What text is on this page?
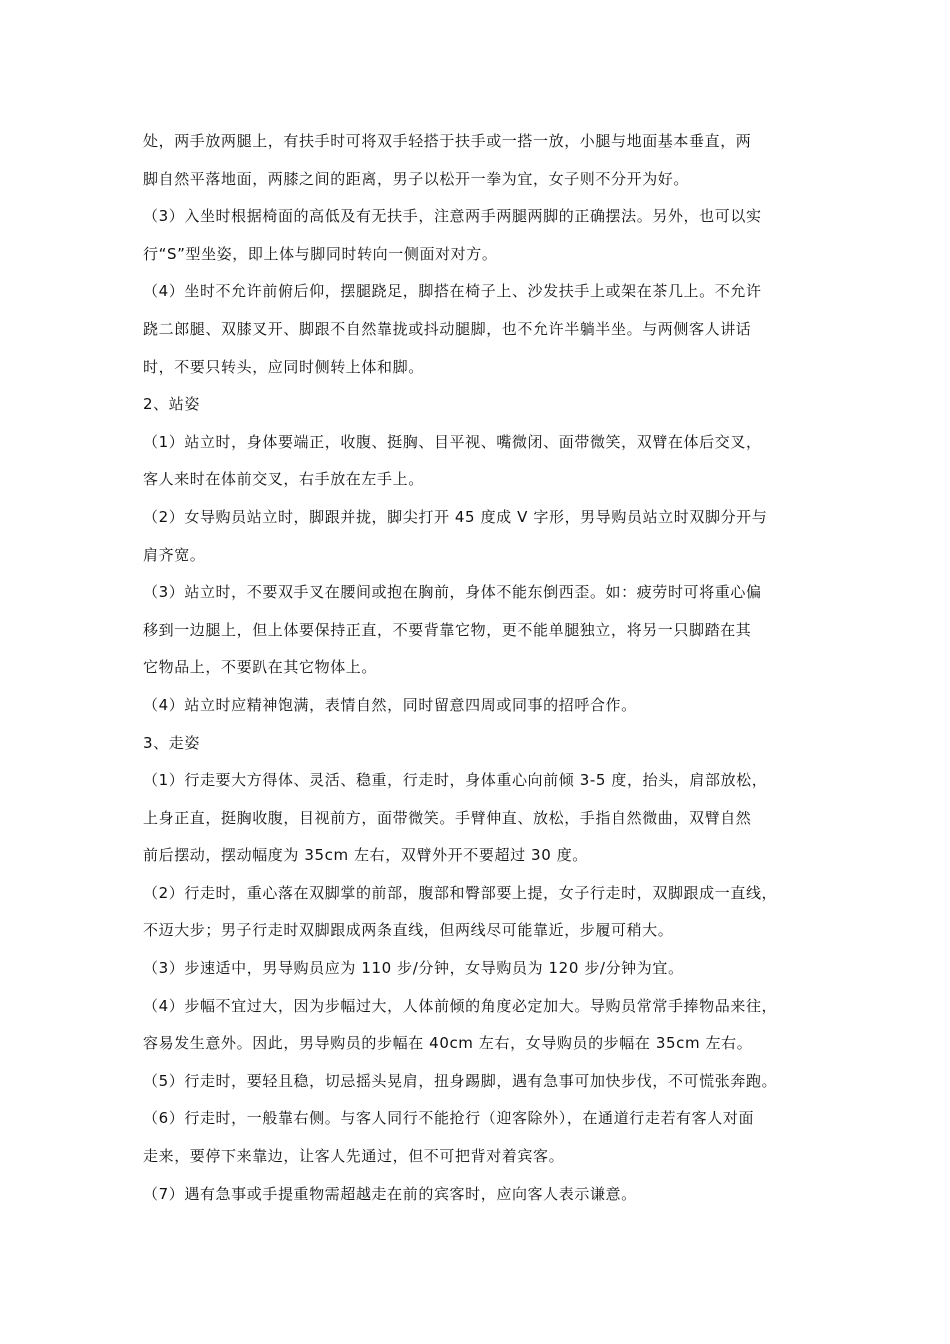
处，两手放两腿上，有扶手时可将双手轻搭于扶手或一搭一放，小腿与地面基本垂直，两
脚自然平落地面，两膝之间的距离，男子以松开一拳为宜，女子则不分开为好。
（3）入坐时根据椅面的高低及有无扶手，注意两手两腿两脚的正确摆法。另外，也可以实
行“S”型坐姿，即上体与脚同时转向一侧面对对方。
（4）坐时不允许前俯后仰，摆腿跷足，脚搭在椅子上、沙发扶手上或架在茶几上。不允许
跷二郎腿、双膝叉开、脚跟不自然靠拢或抖动腿脚，也不允许半躺半坐。与两侧客人讲话
时，不要只转头，应同时侧转上体和脚。
2、站姿
（1）站立时，身体要端正，收腹、挺胸、目平视、嘴微闭、面带微笑，双臂在体后交叉，
客人来时在体前交叉，右手放在左手上。
（2）女导购员站立时，脚跟并拢，脚尖打开 45 度成 V 字形，男导购员站立时双脚分开与
肩齐宽。
（3）站立时，不要双手叉在腰间或抱在胸前，身体不能东倒西歪。如：疲劳时可将重心偏
移到一边腿上，但上体要保持正直，不要背靠它物，更不能单腿独立，将另一只脚踏在其
它物品上，不要趴在其它物体上。
（4）站立时应精神饱满，表情自然，同时留意四周或同事的招呼合作。
3、走姿
（1）行走要大方得体、灵活、稳重，行走时，身体重心向前倾 3-5 度，抬头，肩部放松，
上身正直，挺胸收腹，目视前方，面带微笑。手臂伸直、放松，手指自然微曲，双臂自然
前后摆动，摆动幅度为 35cm 左右，双臂外开不要超过 30 度。
（2）行走时，重心落在双脚掌的前部，腹部和臀部要上提，女子行走时，双脚跟成一直线，
不迈大步；男子行走时双脚跟成两条直线，但两线尽可能靠近，步履可稍大。
（3）步速适中，男导购员应为 110 步/分钟，女导购员为 120 步/分钟为宜。
（4）步幅不宜过大，因为步幅过大，人体前倾的角度必定加大。导购员常常手捧物品来往，
容易发生意外。因此，男导购员的步幅在 40cm 左右，女导购员的步幅在 35cm 左右。
（5）行走时，要轻且稳，切忌摇头晃肩，扭身踢脚，遇有急事可加快步伐，不可慌张奔跑。
（6）行走时，一般靠右侧。与客人同行不能抢行（迎客除外），在通道行走若有客人对面
走来，要停下来靠边，让客人先通过，但不可把背对着宾客。
（7）遇有急事或手提重物需超越走在前的宾客时，应向客人表示谦意。
